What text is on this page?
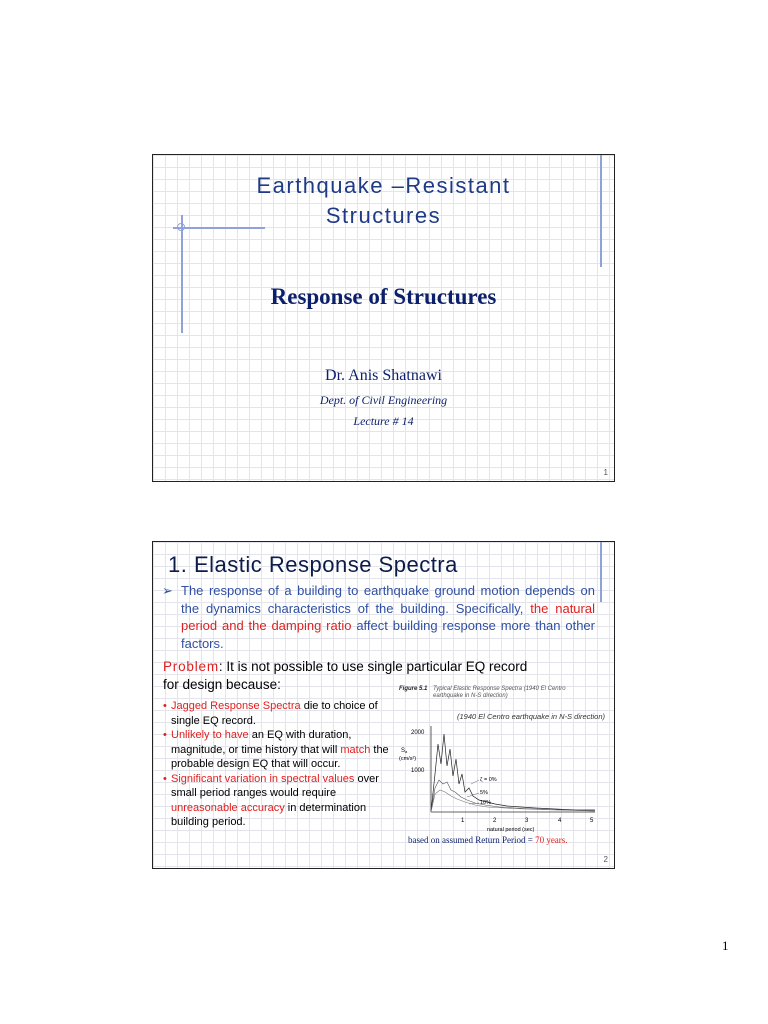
Earthquake –Resistant
Structures
Response of Structures
Dr. Anis Shatnawi
Dept. of Civil Engineering
Lecture # 14
1
1. Elastic Response Spectra
➢ The response of a building to earthquake ground motion depends on the dynamics characteristics of the building. Specifically, the natural period and the damping ratio affect building response more than other factors.
Problem: It is not possible to use single particular EQ record for design because:
• Jagged Response Spectra die to choice of single EQ record.
• Unlikely to have an EQ with duration, magnitude, or time history that will match the probable design EQ that will occur.
• Significant variation in spectral values over small period ranges would require unreasonable accuracy in determination building period.
Figure 5.1 Typical Elastic Response Spectra (1940 El Centro earthquake in N-S direction)
(1940 El Centro earthquake in N-S direction)
Sa
(cm/s²)
2000
1000
1	2	3	4	5
natural period (sec)
ζ = 0%
5%
10%
based on assumed Return Period = 70 years.
2
1
